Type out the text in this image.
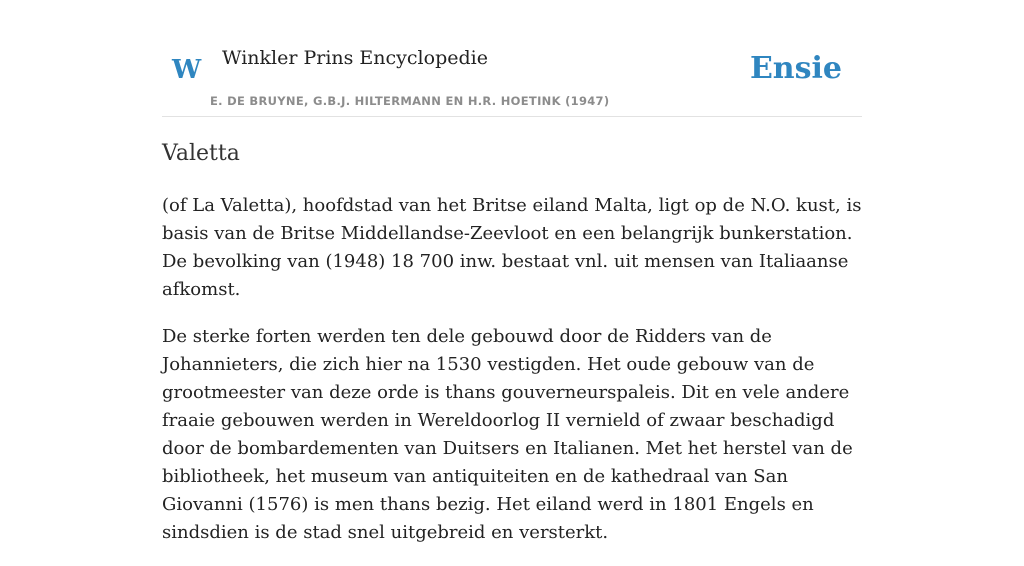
W Winkler Prins Encyclopedie
E. DE BRUYNE, G.B.J. HILTERMANN EN H.R. HOETINK (1947)
Ensie
Valetta

(of La Valetta), hoofdstad van het Britse eiland Malta, ligt op de N.O. kust, is basis van de Britse Middellandse-Zeevloot en een belangrijk bunkerstation. De bevolking van (1948) 18 700 inw. bestaat vnl. uit mensen van Italiaanse afkomst.

De sterke forten werden ten dele gebouwd door de Ridders van de Johannieters, die zich hier na 1530 vestigden. Het oude gebouw van de grootmeester van deze orde is thans gouverneurspaleis. Dit en vele andere fraaie gebouwen werden in Wereldoorlog II vernield of zwaar beschadigd door de bombardementen van Duitsers en Italianen. Met het herstel van de bibliotheek, het museum van antiquiteiten en de kathedraal van San Giovanni (1576) is men thans bezig. Het eiland werd in 1801 Engels en sindsdien is de stad snel uitgebreid en versterkt.
